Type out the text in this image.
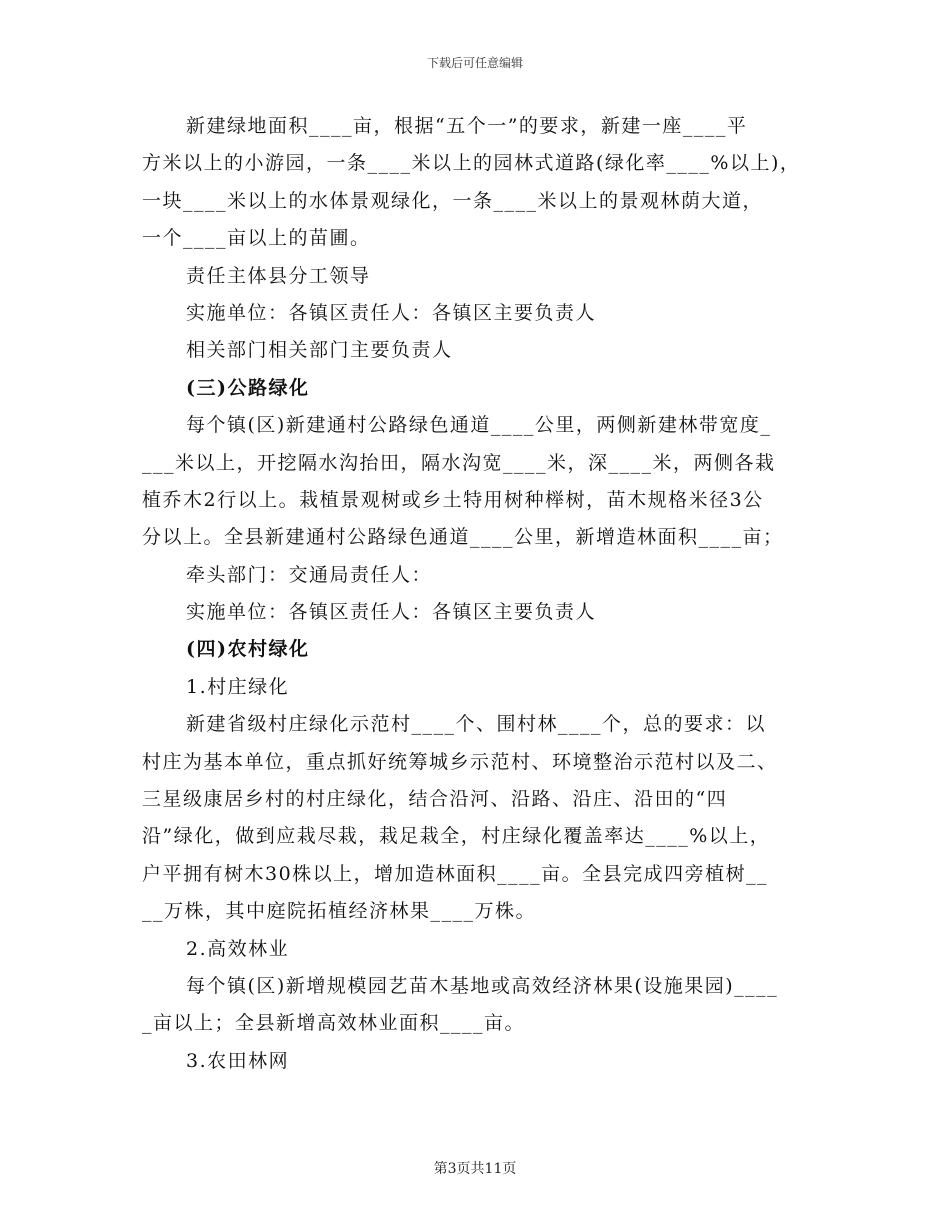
下载后可任意编辑
新建绿地面积____亩，根据“五个一”的要求，新建一座____平
方米以上的小游园，一条____米以上的园林式道路(绿化率____%以上)，
一块____米以上的水体景观绿化，一条____米以上的景观林荫大道，
一个____亩以上的苗圃。
责任主体县分工领导
实施单位：各镇区责任人：各镇区主要负责人
相关部门相关部门主要负责人
(三)公路绿化
每个镇(区)新建通村公路绿色通道____公里，两侧新建林带宽度_
___米以上，开挖隔水沟抬田，隔水沟宽____米，深____米，两侧各栽
植乔木2行以上。栽植景观树或乡土特用树种榉树，苗木规格米径3公
分以上。全县新建通村公路绿色通道____公里，新增造林面积____亩；
牵头部门：交通局责任人：
实施单位：各镇区责任人：各镇区主要负责人
(四)农村绿化
1.村庄绿化
新建省级村庄绿化示范村____个、围村林____个，总的要求：以
村庄为基本单位，重点抓好统筹城乡示范村、环境整治示范村以及二、
三星级康居乡村的村庄绿化，结合沿河、沿路、沿庄、沿田的“四
沿”绿化，做到应栽尽栽，栽足栽全，村庄绿化覆盖率达____%以上，
户平拥有树木30株以上，增加造林面积____亩。全县完成四旁植树__
__万株，其中庭院拓植经济林果____万株。
2.高效林业
每个镇(区)新增规模园艺苗木基地或高效经济林果(设施果园)____
_亩以上；全县新增高效林业面积____亩。
3.农田林网
第3页共11页
